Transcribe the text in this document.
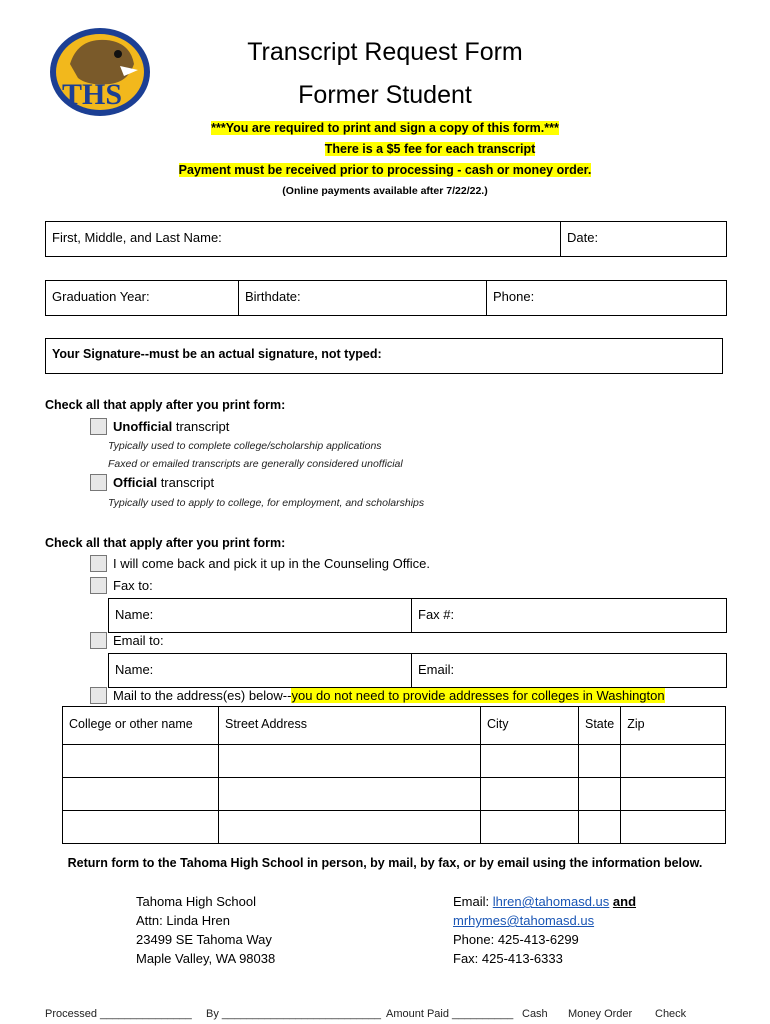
THS
Transcript Request Form
Former Student
***You are required to print and sign a copy of this form.***
There is a $5 fee for each transcript
Payment must be received prior to processing - cash or money order.
(Online payments available after 7/22/22.)
First, Middle, and Last Name:	Date:
Graduation Year:	Birthdate:	Phone:
Your Signature--must be an actual signature, not typed:
Check all that apply after you print form:
Unofficial transcript
Typically used to complete college/scholarship applications
Faxed or emailed transcripts are generally considered unofficial
Official transcript
Typically used to apply to college, for employment, and scholarships
Check all that apply after you print form:
I will come back and pick it up in the Counseling Office.
Fax to:
Name:	Fax #:
Email to:
Name:	Email:
Mail to the address(es) below--you do not need to provide addresses for colleges in Washington
College or other name	Street Address	City	State	Zip

Return form to the Tahoma High School in person, by mail, by fax, or by email using the information below.
Tahoma High School
Attn: Linda Hren
23499 SE Tahoma Way
Maple Valley, WA 98038
Email: lhren@tahomasd.us and
mrhymes@tahomasd.us
Phone: 425-413-6299
Fax: 425-413-6333
Processed _______________ By __________________________ Amount Paid __________ Cash Money Order Check
